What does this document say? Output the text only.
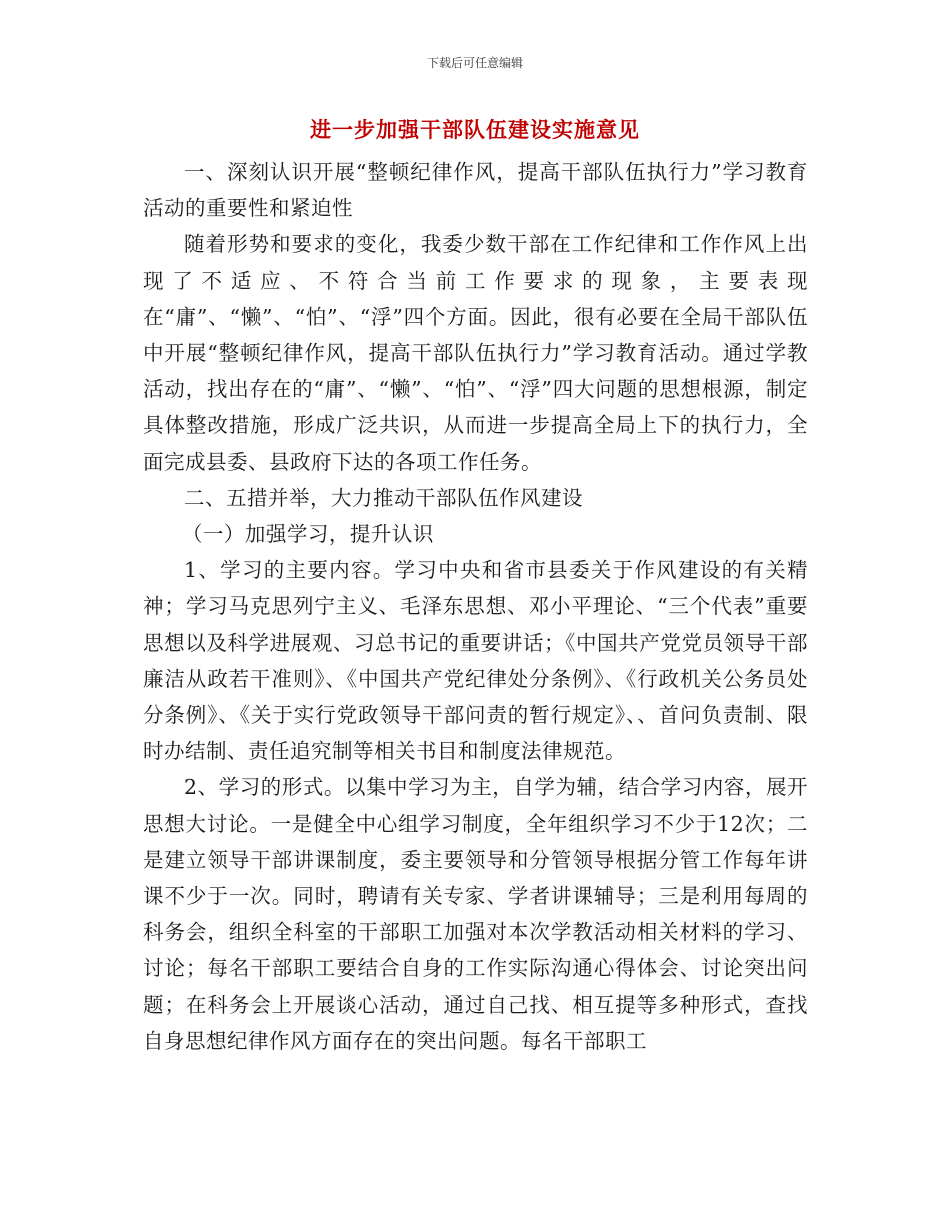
下载后可任意编辑
进一步加强干部队伍建设实施意见

一、深刻认识开展“整顿纪律作风，提高干部队伍执行力”学习教育活动的重要性和紧迫性

随着形势和要求的变化，我委少数干部在工作纪律和工作作风上出现了不适应、不符合当前工作要求的现象，主要表现在“庸”、“懒”、“怕”、“浮”四个方面。因此，很有必要在全局干部队伍中开展“整顿纪律作风，提高干部队伍执行力”学习教育活动。通过学教活动，找出存在的“庸”、“懒”、“怕”、“浮”四大问题的思想根源，制定具体整改措施，形成广泛共识，从而进一步提高全局上下的执行力，全面完成县委、县政府下达的各项工作任务。

二、五措并举，大力推动干部队伍作风建设

（一）加强学习，提升认识

1、学习的主要内容。学习中央和省市县委关于作风建设的有关精神；学习马克思列宁主义、毛泽东思想、邓小平理论、“三个代表”重要思想以及科学进展观、习总书记的重要讲话；《中国共产党党员领导干部廉洁从政若干准则》、《中国共产党纪律处分条例》、《行政机关公务员处分条例》、《关于实行党政领导干部问责的暂行规定》、、首问负责制、限时办结制、责任追究制等相关书目和制度法律规范。

2、学习的形式。以集中学习为主，自学为辅，结合学习内容，展开思想大讨论。一是健全中心组学习制度，全年组织学习不少于12次；二是建立领导干部讲课制度，委主要领导和分管领导根据分管工作每年讲课不少于一次。同时，聘请有关专家、学者讲课辅导；三是利用每周的科务会，组织全科室的干部职工加强对本次学教活动相关材料的学习、讨论；每名干部职工要结合自身的工作实际沟通心得体会、讨论突出问题；在科务会上开展谈心活动，通过自己找、相互提等多种形式，查找自身思想纪律作风方面存在的突出问题。每名干部职工
